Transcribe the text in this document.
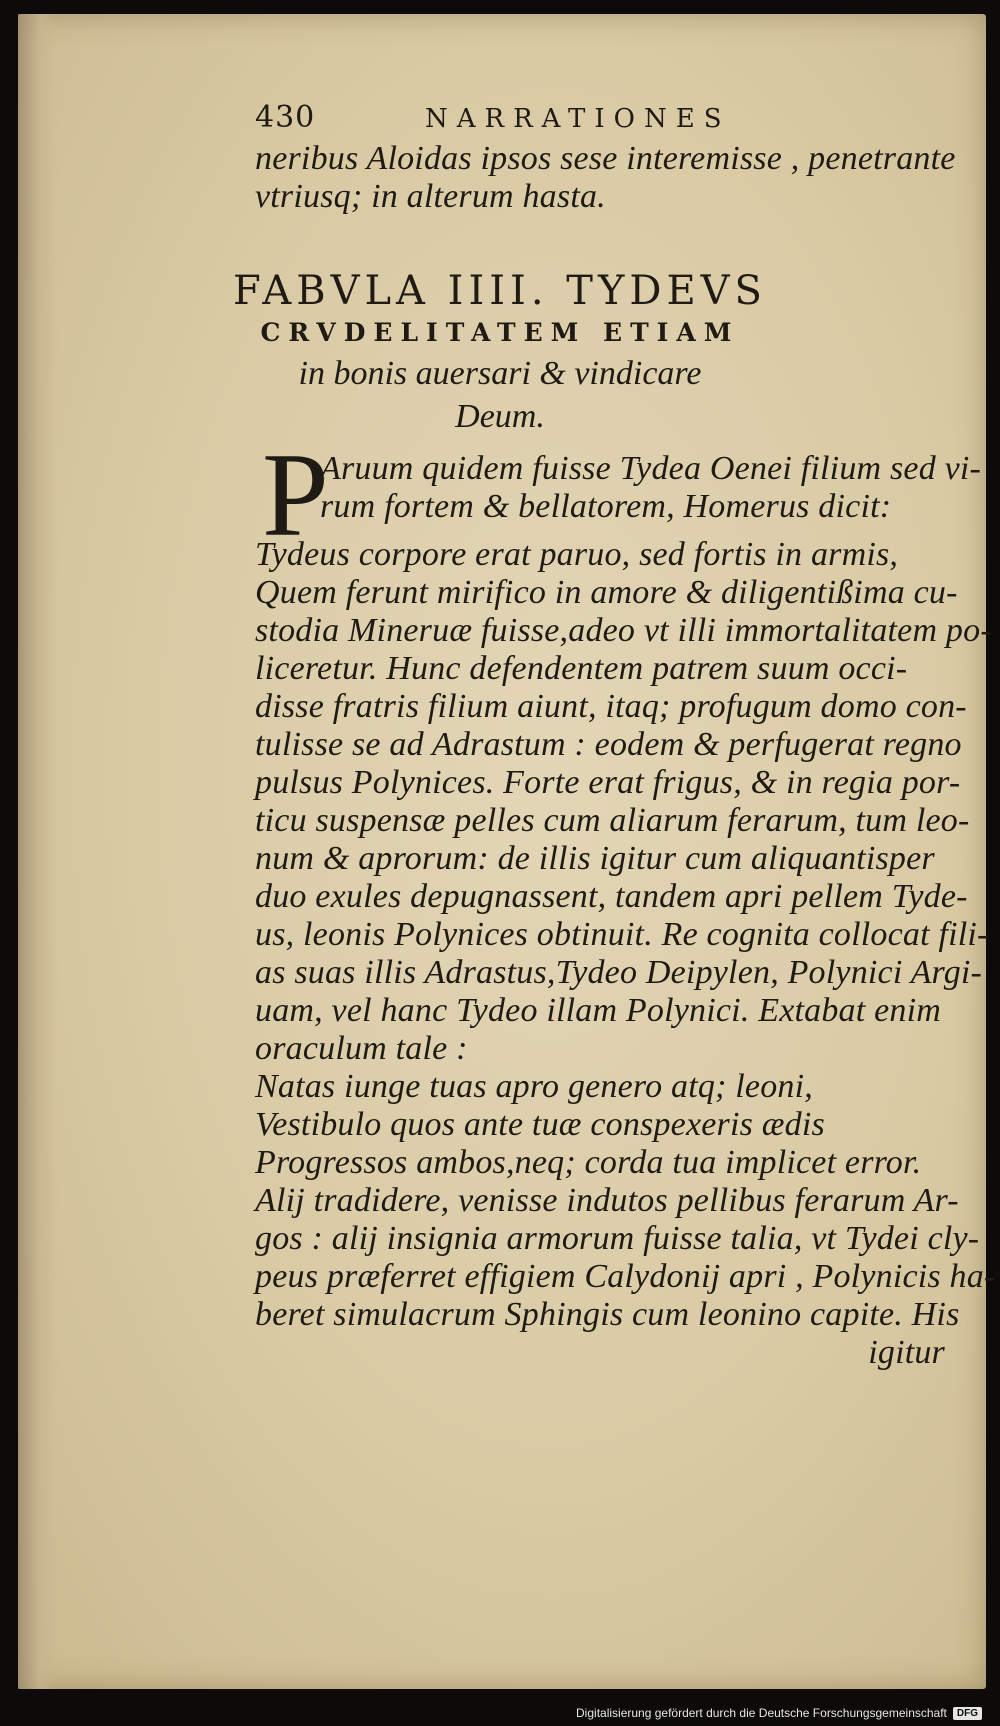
430	NARRATIONES
neribus Aloidas ipsos sese interemisse , penetrante
vtriusq; in alterum hasta.
FABVLA IIII. TYDEVS
CRVDELITATEM ETIAM
in bonis auersari & vindicare
Deum.
P
Aruum quidem fuisse Tydea Oenei filium sed vi-
rum fortem & bellatorem, Homerus dicit:
Tydeus corpore erat paruo, sed fortis in armis,
Quem ferunt mirifico in amore & diligentißima cu-
stodia Mineruæ fuisse,adeo vt illi immortalitatem po-
liceretur. Hunc defendentem patrem suum occi-
disse fratris filium aiunt, itaq; profugum domo con-
tulisse se ad Adrastum : eodem & perfugerat regno
pulsus Polynices. Forte erat frigus, & in regia por-
ticu suspensæ pelles cum aliarum ferarum, tum leo-
num & aprorum: de illis igitur cum aliquantisper
duo exules depugnassent, tandem apri pellem Tyde-
us, leonis Polynices obtinuit. Re cognita collocat fili-
as suas illis Adrastus,Tydeo Deipylen, Polynici Argi-
uam, vel hanc Tydeo illam Polynici. Extabat enim
oraculum tale :
Natas iunge tuas apro genero atq; leoni,
Vestibulo quos ante tuæ conspexeris ædis
Progressos ambos,neq; corda tua implicet error.
Alij tradidere, venisse indutos pellibus ferarum Ar-
gos : alij insignia armorum fuisse talia, vt Tydei cly-
peus præferret effigiem Calydonij apri , Polynicis ha-
beret simulacrum Sphingis cum leonino capite. His
igitur
Digitalisierung gefördert durch die Deutsche Forschungsgemeinschaft	DFG
